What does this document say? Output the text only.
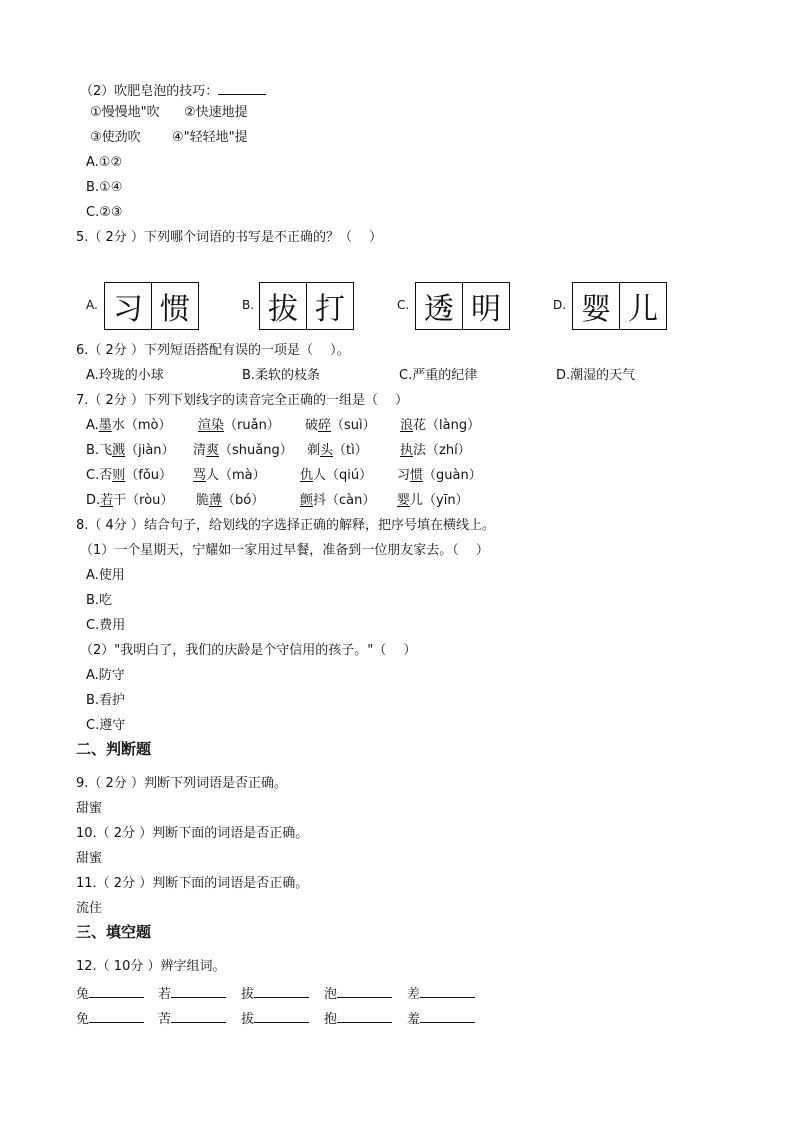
（2）吹肥皂泡的技巧：
①慢慢地"吹 ②快速地提
③使劲吹 ④"轻轻地"提
A.①②
B.①④
C.②③
5.（ 2分 ）下列哪个词语的书写是不正确的？（　 ）
A. 习 惯	B. 拔 打	C. 透 明	D. 婴 儿
6.（ 2分 ）下列短语搭配有误的一项是（　 ）。
A.玲珑的小球	B.柔软的枝条	C.严重的纪律	D.潮湿的天气
7.（ 2分 ）下列下划线字的读音完全正确的一组是（　 ）
A.墨水（mò） 渲染（ruǎn） 破碎（suì） 浪花（làng）
B.飞溅（jiàn） 清爽（shuǎng） 剃头（tì） 执法（zhí）
C.否则（fǒu） 骂人（mà）	仇人（qiú） 习惯（guàn）
D.若干（ròu） 脆薄（bó）	颤抖（càn） 婴儿（yīn）
8.（ 4分 ）结合句子，给划线的字选择正确的解释，把序号填在横线上。
（1）一个星期天，宁耀如一家用过早餐，准备到一位朋友家去。（　 ）
A.使用
B.吃
C.费用
（2）"我明白了，我们的庆龄是个守信用的孩子。"（　 ）
A.防守
B.看护
C.遵守
二、判断题
9.（ 2分 ）判断下列词语是否正确。
甜蜜
10.（ 2分 ）判断下面的词语是否正确。
甜蜜
11.（ 2分 ）判断下面的词语是否正确。
流住
三、填空题
12.（ 10分 ）辨字组词。
兔	若	拔	泡	差
免	苦	拔	抱	羞
